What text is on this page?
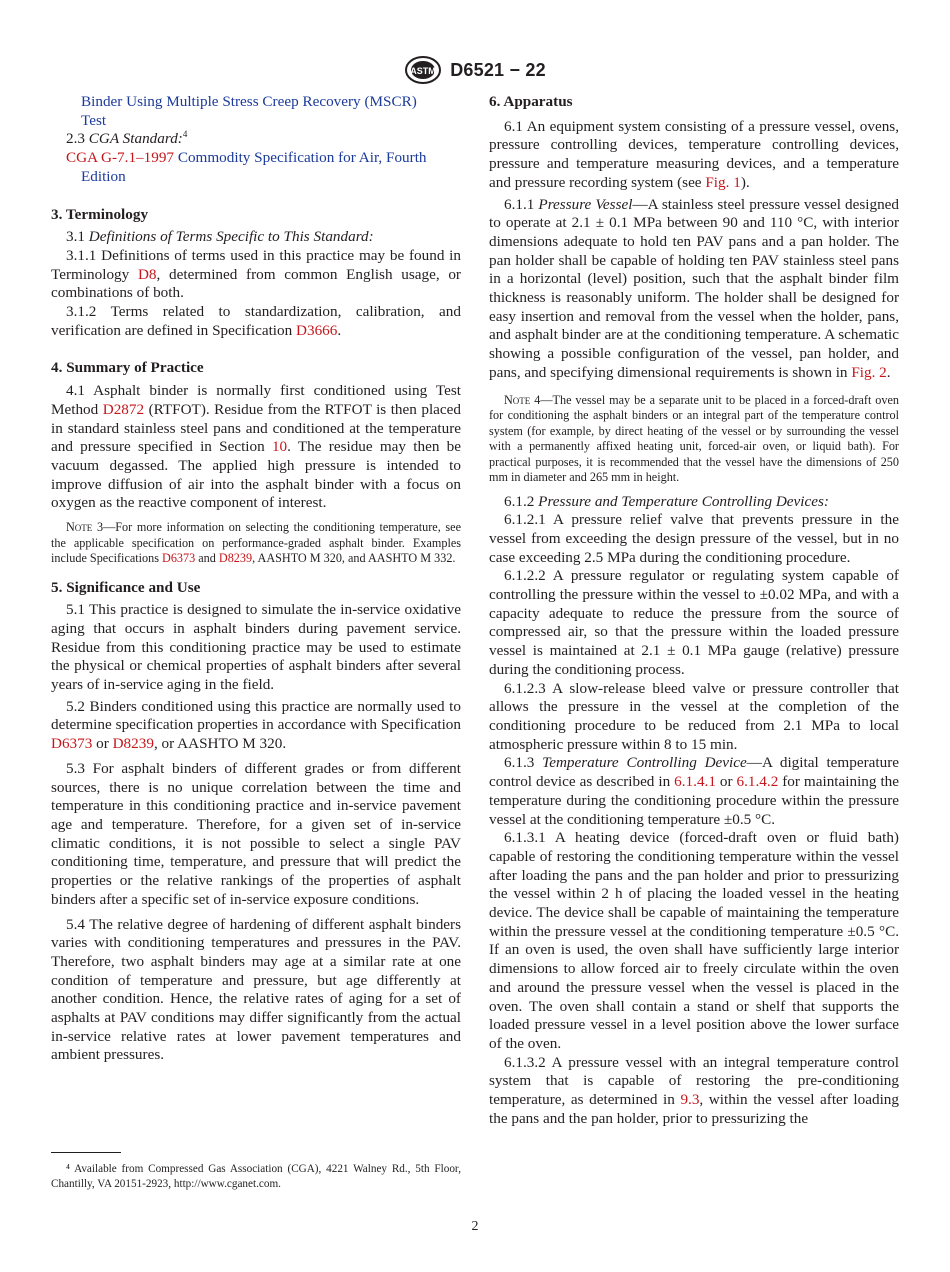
ASTM D6521 − 22

Binder Using Multiple Stress Creep Recovery (MSCR)
Test

2.3 CGA Standard:$^4$

CGA G-7.1–1997 Commodity Specification for Air, Fourth Edition

3. Terminology

3.1 Definitions of Terms Specific to This Standard:

3.1.1 Definitions of terms used in this practice may be found in Terminology D8, determined from common English usage, or combinations of both.

3.1.2 Terms related to standardization, calibration, and verification are defined in Specification D3666.

4. Summary of Practice

4.1 Asphalt binder is normally first conditioned using Test Method D2872 (RTFOT). Residue from the RTFOT is then placed in standard stainless steel pans and conditioned at the temperature and pressure specified in Section 10. The residue may then be vacuum degassed. The applied high pressure is intended to improve diffusion of air into the asphalt binder with a focus on oxygen as the reactive component of interest.

Note 3—For more information on selecting the conditioning temperature, see the applicable specification on performance-graded asphalt binder. Examples include Specifications D6373 and D8239, AASHTO M 320, and AASHTO M 332.

5. Significance and Use

5.1 This practice is designed to simulate the in-service oxidative aging that occurs in asphalt binders during pavement service. Residue from this conditioning practice may be used to estimate the physical or chemical properties of asphalt binders after several years of in-service aging in the field.

5.2 Binders conditioned using this practice are normally used to determine specification properties in accordance with Specification D6373 or D8239, or AASHTO M 320.

5.3 For asphalt binders of different grades or from different sources, there is no unique correlation between the time and temperature in this conditioning practice and in-service pavement age and temperature. Therefore, for a given set of in-service climatic conditions, it is not possible to select a single PAV conditioning time, temperature, and pressure that will predict the properties or the relative rankings of the properties of asphalt binders after a specific set of in-service exposure conditions.

5.4 The relative degree of hardening of different asphalt binders varies with conditioning temperatures and pressures in the PAV. Therefore, two asphalt binders may age at a similar rate at one condition of temperature and pressure, but age differently at another condition. Hence, the relative rates of aging for a set of asphalts at PAV conditions may differ significantly from the actual in-service relative rates at lower pavement temperatures and ambient pressures.

⁴ Available from Compressed Gas Association (CGA), 4221 Walney Rd., 5th Floor, Chantilly, VA 20151-2923, http://www.cganet.com.

6. Apparatus

6.1 An equipment system consisting of a pressure vessel, ovens, pressure controlling devices, temperature controlling devices, pressure and temperature measuring devices, and a temperature and pressure recording system (see Fig. 1).

6.1.1 Pressure Vessel—A stainless steel pressure vessel designed to operate at 2.1 ± 0.1 MPa between 90 and 110 °C, with interior dimensions adequate to hold ten PAV pans and a pan holder. The pan holder shall be capable of holding ten PAV stainless steel pans in a horizontal (level) position, such that the asphalt binder film thickness is reasonably uniform. The holder shall be designed for easy insertion and removal from the vessel when the holder, pans, and asphalt binder are at the conditioning temperature. A schematic showing a possible configuration of the vessel, pan holder, and pans, and specifying dimensional requirements is shown in Fig. 2.

Note 4—The vessel may be a separate unit to be placed in a forced-draft oven for conditioning the asphalt binders or an integral part of the temperature control system (for example, by direct heating of the vessel or by surrounding the vessel with a permanently affixed heating unit, forced-air oven, or liquid bath). For practical purposes, it is recommended that the vessel have the dimensions of 250 mm in diameter and 265 mm in height.

6.1.2 Pressure and Temperature Controlling Devices:

6.1.2.1 A pressure relief valve that prevents pressure in the vessel from exceeding the design pressure of the vessel, but in no case exceeding 2.5 MPa during the conditioning procedure.

6.1.2.2 A pressure regulator or regulating system capable of controlling the pressure within the vessel to ±0.02 MPa, and with a capacity adequate to reduce the pressure from the source of compressed air, so that the pressure within the loaded pressure vessel is maintained at 2.1 ± 0.1 MPa gauge (relative) pressure during the conditioning process.

6.1.2.3 A slow-release bleed valve or pressure controller that allows the pressure in the vessel at the completion of the conditioning procedure to be reduced from 2.1 MPa to local atmospheric pressure within 8 to 15 min.

6.1.3 Temperature Controlling Device—A digital temperature control device as described in 6.1.4.1 or 6.1.4.2 for maintaining the temperature during the conditioning procedure within the pressure vessel at the conditioning temperature ±0.5 °C.

6.1.3.1 A heating device (forced-draft oven or fluid bath) capable of restoring the conditioning temperature within the vessel after loading the pans and the pan holder and prior to pressurizing the vessel within 2 h of placing the loaded vessel in the heating device. The device shall be capable of maintaining the temperature within the pressure vessel at the conditioning temperature ±0.5 °C. If an oven is used, the oven shall have sufficiently large interior dimensions to allow forced air to freely circulate within the oven and around the pressure vessel when the vessel is placed in the oven. The oven shall contain a stand or shelf that supports the loaded pressure vessel in a level position above the lower surface of the oven.

6.1.3.2 A pressure vessel with an integral temperature control system that is capable of restoring the pre-conditioning temperature, as determined in 9.3, within the vessel after loading the pans and the pan holder, prior to pressurizing the

2
